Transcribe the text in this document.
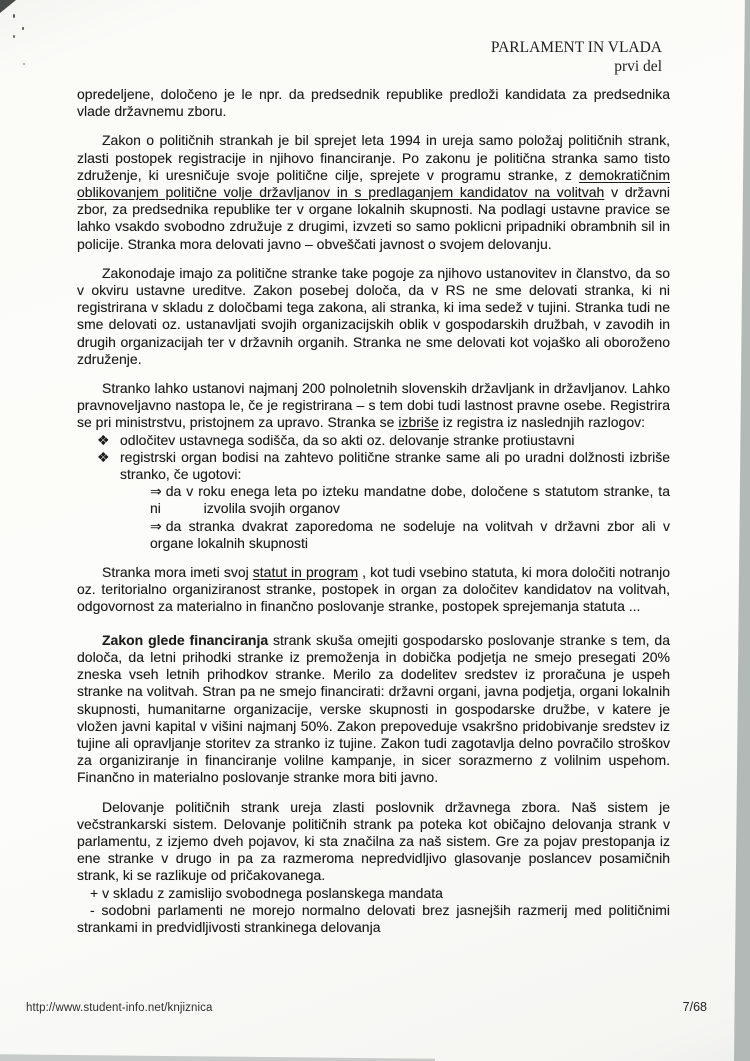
PARLAMENT IN VLADA
prvi del

opredeljene, določeno je le npr. da predsednik republike predloži kandidata za predsednika vlade državnemu zboru.

Zakon o političnih strankah je bil sprejet leta 1994 in ureja samo položaj političnih strank, zlasti postopek registracije in njihovo financiranje. Po zakonu je politična stranka samo tisto združenje, ki uresničuje svoje politične cilje, sprejete v programu stranke, z demokratičnim oblikovanjem politične volje državljanov in s predlaganjem kandidatov na volitvah v državni zbor, za predsednika republike ter v organe lokalnih skupnosti. Na podlagi ustavne pravice se lahko vsakdo svobodno združuje z drugimi, izvzeti so samo poklicni pripadniki obrambnih sil in policije. Stranka mora delovati javno – obveščati javnost o svojem delovanju.

Zakonodaje imajo za politične stranke take pogoje za njihovo ustanovitev in članstvo, da so v okviru ustavne ureditve. Zakon posebej določa, da v RS ne sme delovati stranka, ki ni registrirana v skladu z določbami tega zakona, ali stranka, ki ima sedež v tujini. Stranka tudi ne sme delovati oz. ustanavljati svojih organizacijskih oblik v gospodarskih družbah, v zavodih in drugih organizacijah ter v državnih organih. Stranka ne sme delovati kot vojaško ali oboroženo združenje.

Stranko lahko ustanovi najmanj 200 polnoletnih slovenskih državljank in državljanov. Lahko pravnoveljavno nastopa le, če je registrirana – s tem dobi tudi lastnost pravne osebe. Registrira se pri ministrstvu, pristojnem za upravo. Stranka se izbriše iz registra iz naslednjih razlogov:

❖ odločitev ustavnega sodišča, da so akti oz. delovanje stranke protiustavni
❖ registrski organ bodisi na zahtevo politične stranke same ali po uradni dolžnosti izbriše stranko, če ugotovi:
⇒ da v roku enega leta po izteku mandatne dobe, določene s statutom stranke, ta ni           izvolila svojih organov
⇒ da stranka dvakrat zaporedoma ne sodeluje na volitvah v državni zbor ali v organe lokalnih skupnosti

Stranka mora imeti svoj statut in program , kot tudi vsebino statuta, ki mora določiti notranjo oz. teritorialno organiziranost stranke, postopek in organ za določitev kandidatov na volitvah, odgovornost za materialno in finančno poslovanje stranke, postopek sprejemanja statuta ...

Zakon glede financiranja strank skuša omejiti gospodarsko poslovanje stranke s tem, da določa, da letni prihodki stranke iz premoženja in dobička podjetja ne smejo presegati 20% zneska vseh letnih prihodkov stranke. Merilo za dodelitev sredstev iz proračuna je uspeh stranke na volitvah. Stran pa ne smejo financirati: državni organi, javna podjetja, organi lokalnih skupnosti, humanitarne organizacije, verske skupnosti in gospodarske družbe, v katere je vložen javni kapital v višini najmanj 50%. Zakon prepoveduje vsakršno pridobivanje sredstev iz tujine ali opravljanje storitev za stranko iz tujine. Zakon tudi zagotavlja delno povračilo stroškov za organiziranje in financiranje volilne kampanje, in sicer sorazmerno z volilnim uspehom. Finančno in materialno poslovanje stranke mora biti javno.

Delovanje političnih strank ureja zlasti poslovnik državnega zbora. Naš sistem je večstrankarski sistem. Delovanje političnih strank pa poteka kot običajno delovanja strank v parlamentu, z izjemo dveh pojavov, ki sta značilna za naš sistem. Gre za pojav prestopanja iz ene stranke v drugo in pa za razmeroma nepredvidljivo glasovanje poslancev posamičnih strank, ki se razlikuje od pričakovanega.

+ v skladu z zamislijo svobodnega poslanskega mandata

- sodobni parlamenti ne morejo normalno delovati brez jasnejših razmerij med političnimi strankami in predvidljivosti strankinega delovanja

http://www.student-info.net/knjiznica	7/68
